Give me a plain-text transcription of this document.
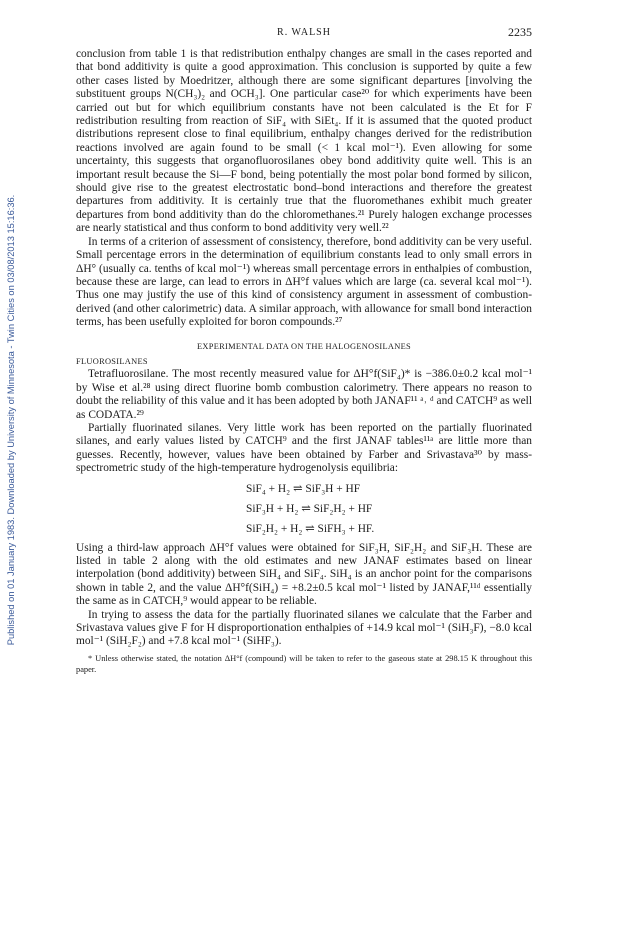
Published on 01 January 1983. Downloaded by University of Minnesota - Twin Cities on 03/08/2013 15:16:36.
R. WALSH	2235

conclusion from table 1 is that redistribution enthalpy changes are small in the cases reported and that bond additivity is quite a good approximation. This conclusion is supported by quite a few other cases listed by Moedritzer, although there are some significant departures [involving the substituent groups N(CH₃)₂ and OCH₃]. One particular case²⁰ for which experiments have been carried out but for which equilibrium constants have not been calculated is the Et for F redistribution resulting from reaction of SiF₄ with SiEt₄. If it is assumed that the quoted product distributions represent close to final equilibrium, enthalpy changes derived for the redistribution reactions involved are again found to be small (< 1 kcal mol⁻¹). Even allowing for some uncertainty, this suggests that organofluorosilanes obey bond additivity quite well. This is an important result because the Si—F bond, being potentially the most polar bond formed by silicon, should give rise to the greatest electrostatic bond–bond interactions and therefore the greatest departures from additivity. It is certainly true that the fluoromethanes exhibit much greater departures from bond additivity than do the chloromethanes.²¹ Purely halogen exchange processes are nearly statistical and thus conform to bond additivity very well.²²

In terms of a criterion of assessment of consistency, therefore, bond additivity can be very useful. Small percentage errors in the determination of equilibrium constants lead to only small errors in ΔH° (usually ca. tenths of kcal mol⁻¹) whereas small percentage errors in enthalpies of combustion, because these are large, can lead to errors in ΔH°f values which are large (ca. several kcal mol⁻¹). Thus one may justify the use of this kind of consistency argument in assessment of combustion-derived (and other calorimetric) data. A similar approach, with allowance for small bond interaction terms, has been usefully exploited for boron compounds.²⁷

EXPERIMENTAL DATA ON THE HALOGENOSILANES

FLUOROSILANES

Tetrafluorosilane. The most recently measured value for ΔH°f(SiF₄)* is −386.0±0.2 kcal mol⁻¹ by Wise et al.²⁸ using direct fluorine bomb combustion calorimetry. There appears no reason to doubt the reliability of this value and it has been adopted by both JANAF¹¹ ᵃ˒ ᵈ and CATCH⁹ as well as CODATA.²⁹

Partially fluorinated silanes. Very little work has been reported on the partially fluorinated silanes, and early values listed by CATCH⁹ and the first JANAF tables¹¹ᵃ are little more than guesses. Recently, however, values have been obtained by Farber and Srivastava³⁰ by mass-spectrometric study of the high-temperature hydrogenolysis equilibria:

SiF₄ + H₂ ⇌ SiF₃H + HF
SiF₃H + H₂ ⇌ SiF₂H₂ + HF
SiF₂H₂ + H₂ ⇌ SiFH₃ + HF.

Using a third-law approach ΔH°f values were obtained for SiF₃H, SiF₂H₂ and SiF₃H. These are listed in table 2 along with the old estimates and new JANAF estimates based on linear interpolation (bond additivity) between SiH₄ and SiF₄. SiH₄ is an anchor point for the comparisons shown in table 2, and the value ΔH°f(SiH₄) = +8.2±0.5 kcal mol⁻¹ listed by JANAF,¹¹ᵈ essentially the same as in CATCH,⁹ would appear to be reliable.

In trying to assess the data for the partially fluorinated silanes we calculate that the Farber and Srivastava values give F for H disproportionation enthalpies of +14.9 kcal mol⁻¹ (SiH₃F), −8.0 kcal mol⁻¹ (SiH₂F₂) and +7.8 kcal mol⁻¹ (SiHF₃).

* Unless otherwise stated, the notation ΔH°f (compound) will be taken to refer to the gaseous state at 298.15 K throughout this paper.
